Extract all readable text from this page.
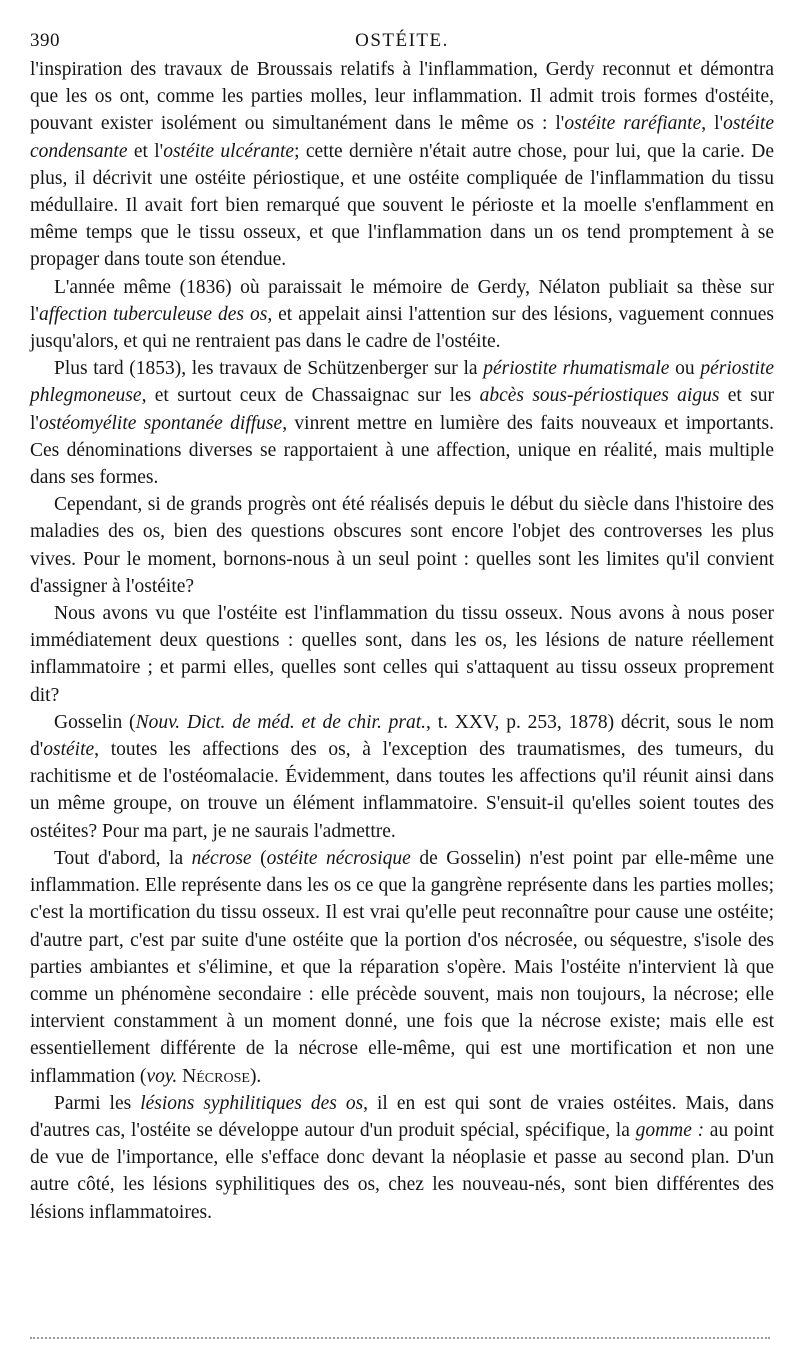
390	OSTÉITE.

l'inspiration des travaux de Broussais relatifs à l'inflammation, Gerdy reconnut et démontra que les os ont, comme les parties molles, leur inflammation. Il admit trois formes d'ostéite, pouvant exister isolément ou simultanément dans le même os : l'ostéite raréfiante, l'ostéite condensante et l'ostéite ulcérante; cette dernière n'était autre chose, pour lui, que la carie. De plus, il décrivit une ostéite périostique, et une ostéite compliquée de l'inflammation du tissu médullaire. Il avait fort bien remarqué que souvent le périoste et la moelle s'enflamment en même temps que le tissu osseux, et que l'inflammation dans un os tend promptement à se propager dans toute son étendue.

L'année même (1836) où paraissait le mémoire de Gerdy, Nélaton publiait sa thèse sur l'affection tuberculeuse des os, et appelait ainsi l'attention sur des lésions, vaguement connues jusqu'alors, et qui ne rentraient pas dans le cadre de l'ostéite.

Plus tard (1853), les travaux de Schützenberger sur la périostite rhumatismale ou périostite phlegmoneuse, et surtout ceux de Chassaignac sur les abcès sous-périostiques aigus et sur l'ostéomyélite spontanée diffuse, vinrent mettre en lumière des faits nouveaux et importants. Ces dénominations diverses se rapportaient à une affection, unique en réalité, mais multiple dans ses formes.

Cependant, si de grands progrès ont été réalisés depuis le début du siècle dans l'histoire des maladies des os, bien des questions obscures sont encore l'objet des controverses les plus vives. Pour le moment, bornons-nous à un seul point : quelles sont les limites qu'il convient d'assigner à l'ostéite?

Nous avons vu que l'ostéite est l'inflammation du tissu osseux. Nous avons à nous poser immédiatement deux questions : quelles sont, dans les os, les lésions de nature réellement inflammatoire ; et parmi elles, quelles sont celles qui s'attaquent au tissu osseux proprement dit?

Gosselin (Nouv. Dict. de méd. et de chir. prat., t. XXV, p. 253, 1878) décrit, sous le nom d'ostéite, toutes les affections des os, à l'exception des traumatismes, des tumeurs, du rachitisme et de l'ostéomalacie. Évidemment, dans toutes les affections qu'il réunit ainsi dans un même groupe, on trouve un élément inflammatoire. S'ensuit-il qu'elles soient toutes des ostéites? Pour ma part, je ne saurais l'admettre.

Tout d'abord, la nécrose (ostéite nécrosique de Gosselin) n'est point par elle-même une inflammation. Elle représente dans les os ce que la gangrène représente dans les parties molles; c'est la mortification du tissu osseux. Il est vrai qu'elle peut reconnaître pour cause une ostéite; d'autre part, c'est par suite d'une ostéite que la portion d'os nécrosée, ou séquestre, s'isole des parties ambiantes et s'élimine, et que la réparation s'opère. Mais l'ostéite n'intervient là que comme un phénomène secondaire : elle précède souvent, mais non toujours, la nécrose; elle intervient constamment à un moment donné, une fois que la nécrose existe; mais elle est essentiellement différente de la nécrose elle-même, qui est une mortification et non une inflammation (voy. Nécrose).

Parmi les lésions syphilitiques des os, il en est qui sont de vraies ostéites. Mais, dans d'autres cas, l'ostéite se développe autour d'un produit spécial, spécifique, la gomme : au point de vue de l'importance, elle s'efface donc devant la néoplasie et passe au second plan. D'un autre côté, les lésions syphilitiques des os, chez les nouveau-nés, sont bien différentes des lésions inflammatoires.
